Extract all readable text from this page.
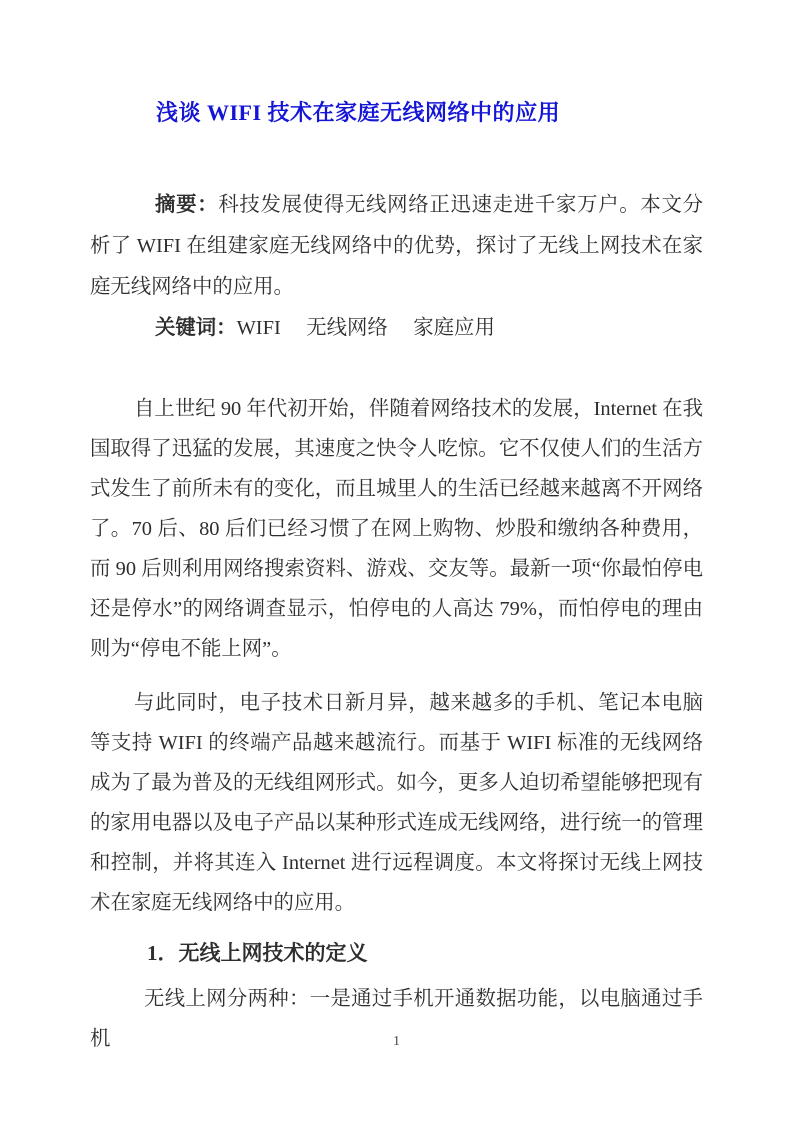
浅谈 WIFI 技术在家庭无线网络中的应用

摘要：科技发展使得无线网络正迅速走进千家万户。本文分析了 WIFI 在组建家庭无线网络中的优势，探讨了无线上网技术在家庭无线网络中的应用。

关键词：WIFI　 无线网络　 家庭应用

自上世纪 90 年代初开始，伴随着网络技术的发展，Internet 在我国取得了迅猛的发展，其速度之快令人吃惊。它不仅使人们的生活方式发生了前所未有的变化，而且城里人的生活已经越来越离不开网络了。70 后、80 后们已经习惯了在网上购物、炒股和缴纳各种费用，而 90 后则利用网络搜索资料、游戏、交友等。最新一项“你最怕停电还是停水”的网络调查显示，怕停电的人高达 79%，而怕停电的理由则为“停电不能上网”。

与此同时，电子技术日新月异，越来越多的手机、笔记本电脑等支持 WIFI 的终端产品越来越流行。而基于 WIFI 标准的无线网络成为了最为普及的无线组网形式。如今，更多人迫切希望能够把现有的家用电器以及电子产品以某种形式连成无线网络，进行统一的管理和控制，并将其连入 Internet 进行远程调度。本文将探讨无线上网技术在家庭无线网络中的应用。

1．无线上网技术的定义

无线上网分两种：一是通过手机开通数据功能，以电脑通过手机	1
